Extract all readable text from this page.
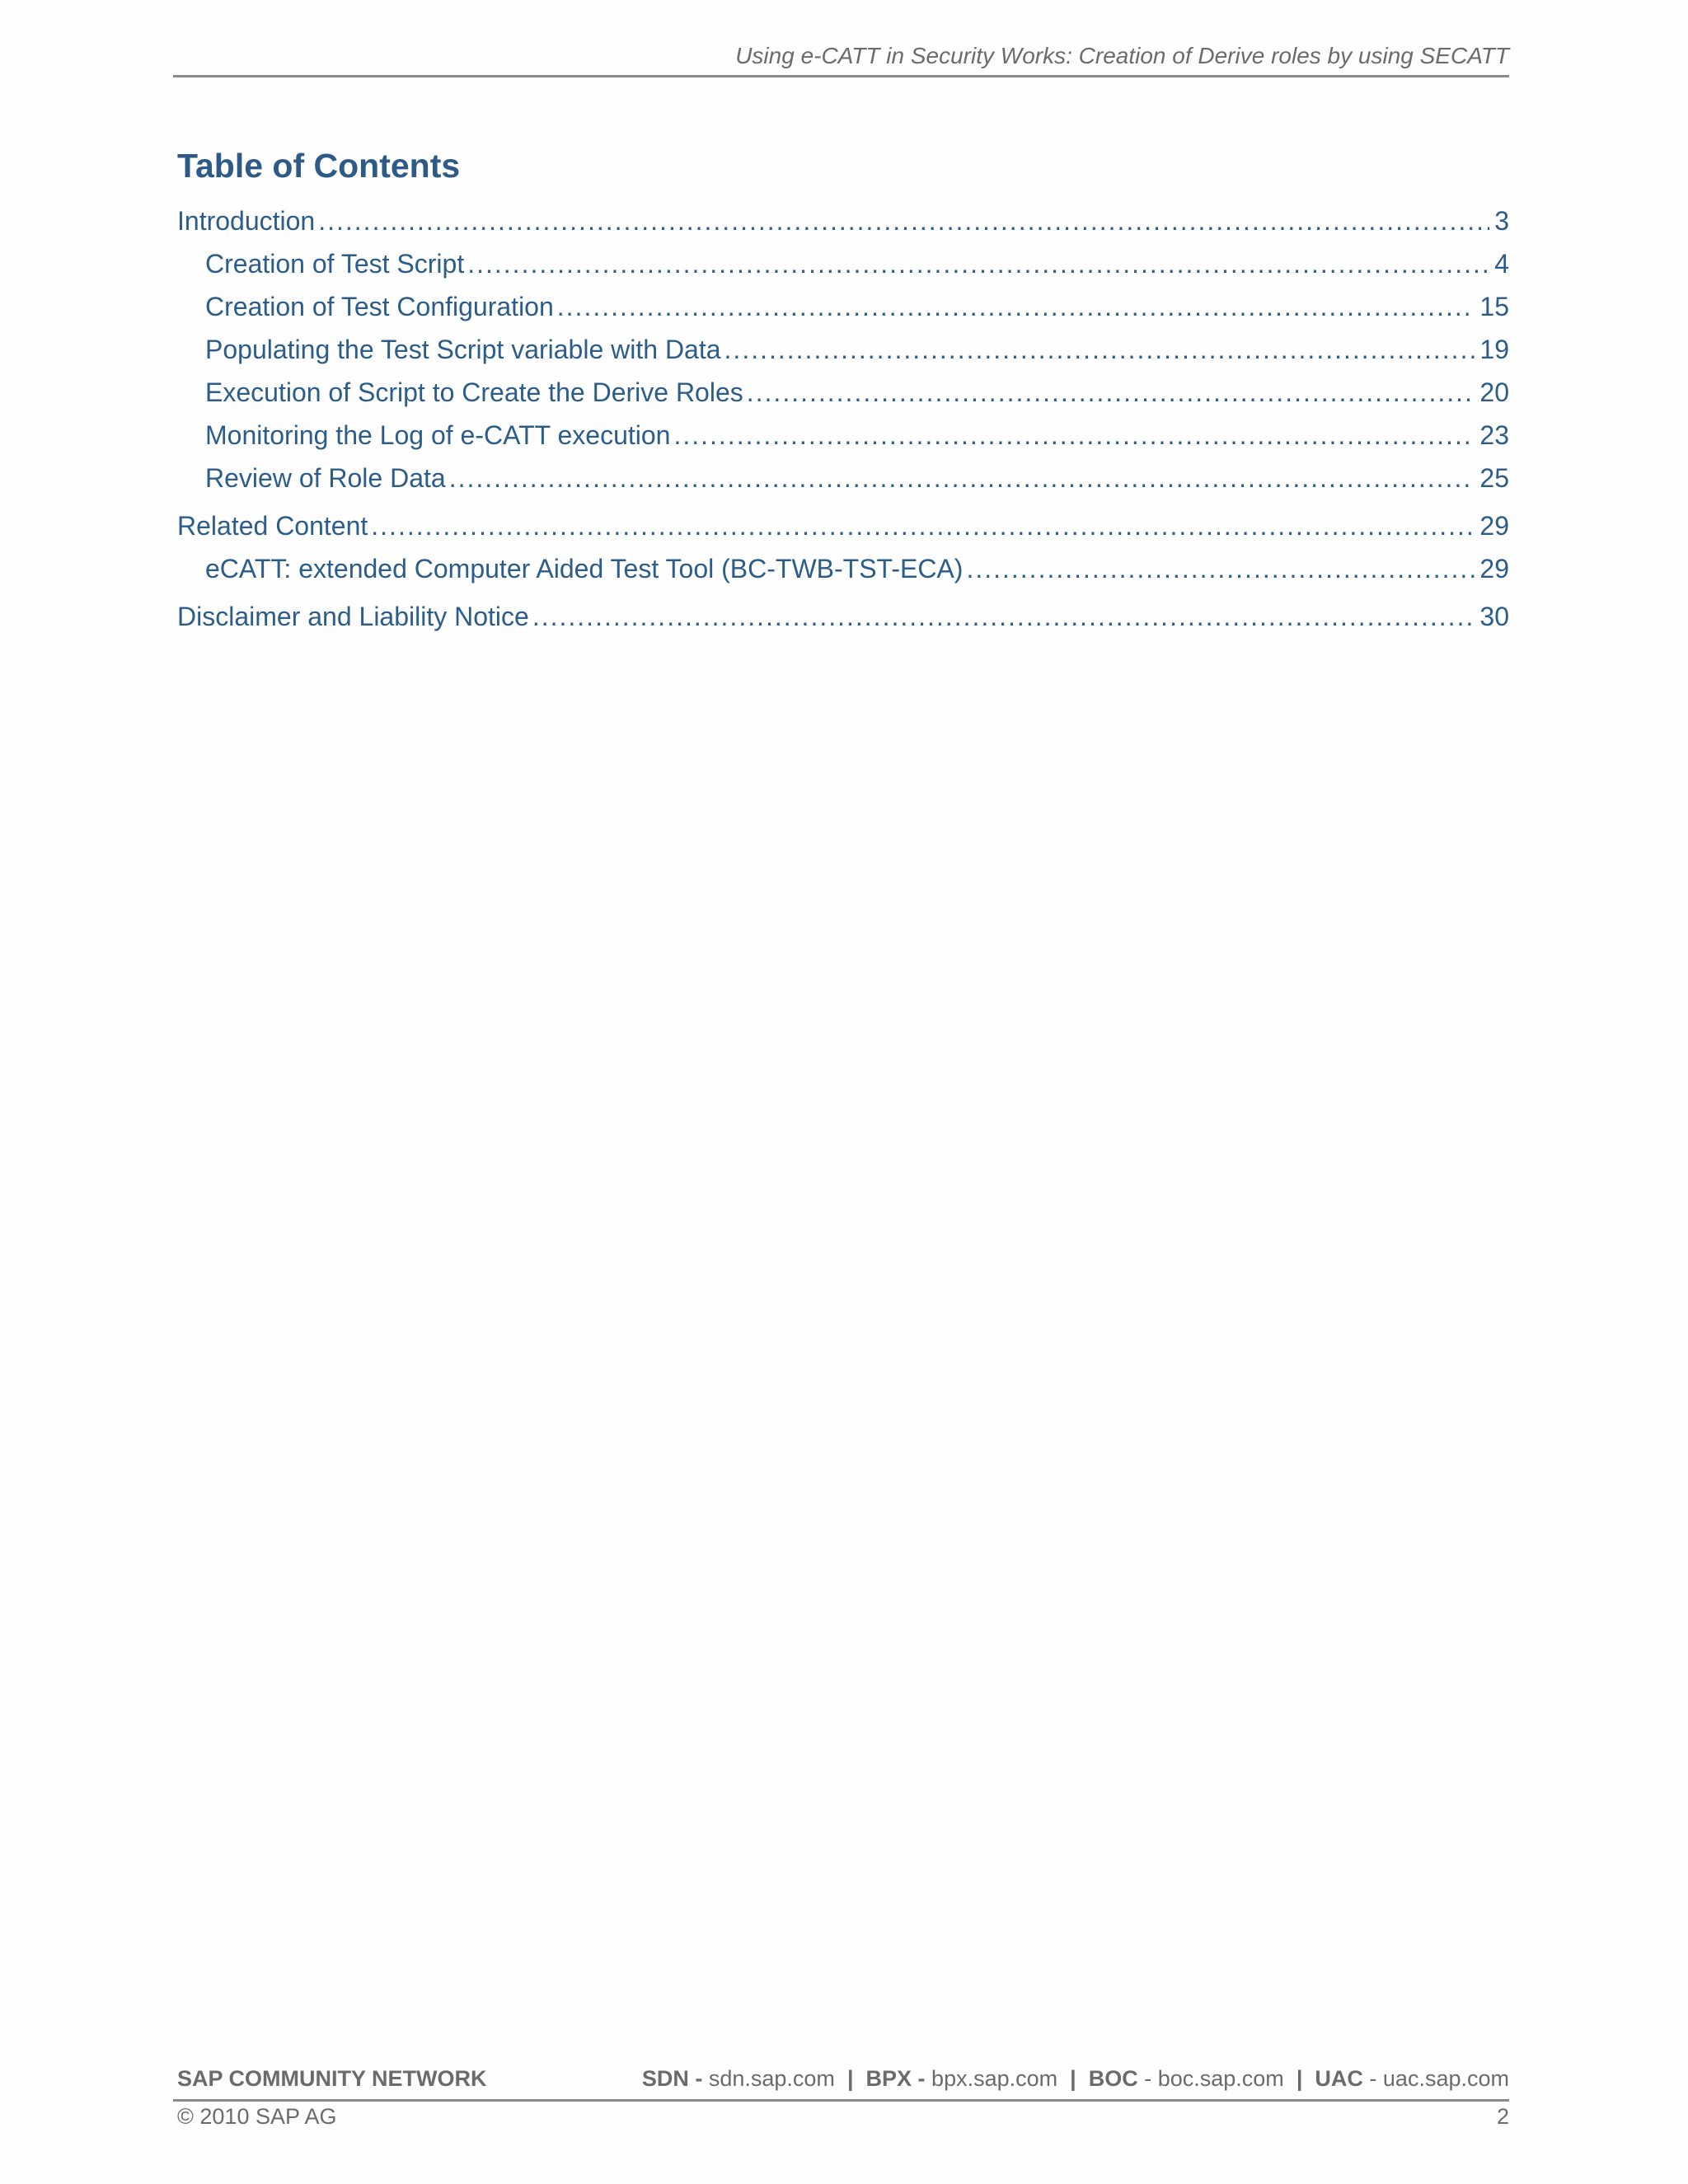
Using e-CATT in Security Works: Creation of Derive roles by using SECATT
Table of Contents
Introduction .....	3
Creation of Test Script .....	4
Creation of Test Configuration .....	15
Populating the Test Script variable with Data .....	19
Execution of Script to Create the Derive Roles .....	20
Monitoring the Log of e-CATT execution .....	23
Review of Role Data .....	25
Related Content .....	29
eCATT: extended Computer Aided Test Tool (BC-TWB-TST-ECA) .....	29
Disclaimer and Liability Notice .....	30
SAP COMMUNITY NETWORK	SDN - sdn.sap.com | BPX - bpx.sap.com | BOC - boc.sap.com | UAC - uac.sap.com
© 2010 SAP AG	2
